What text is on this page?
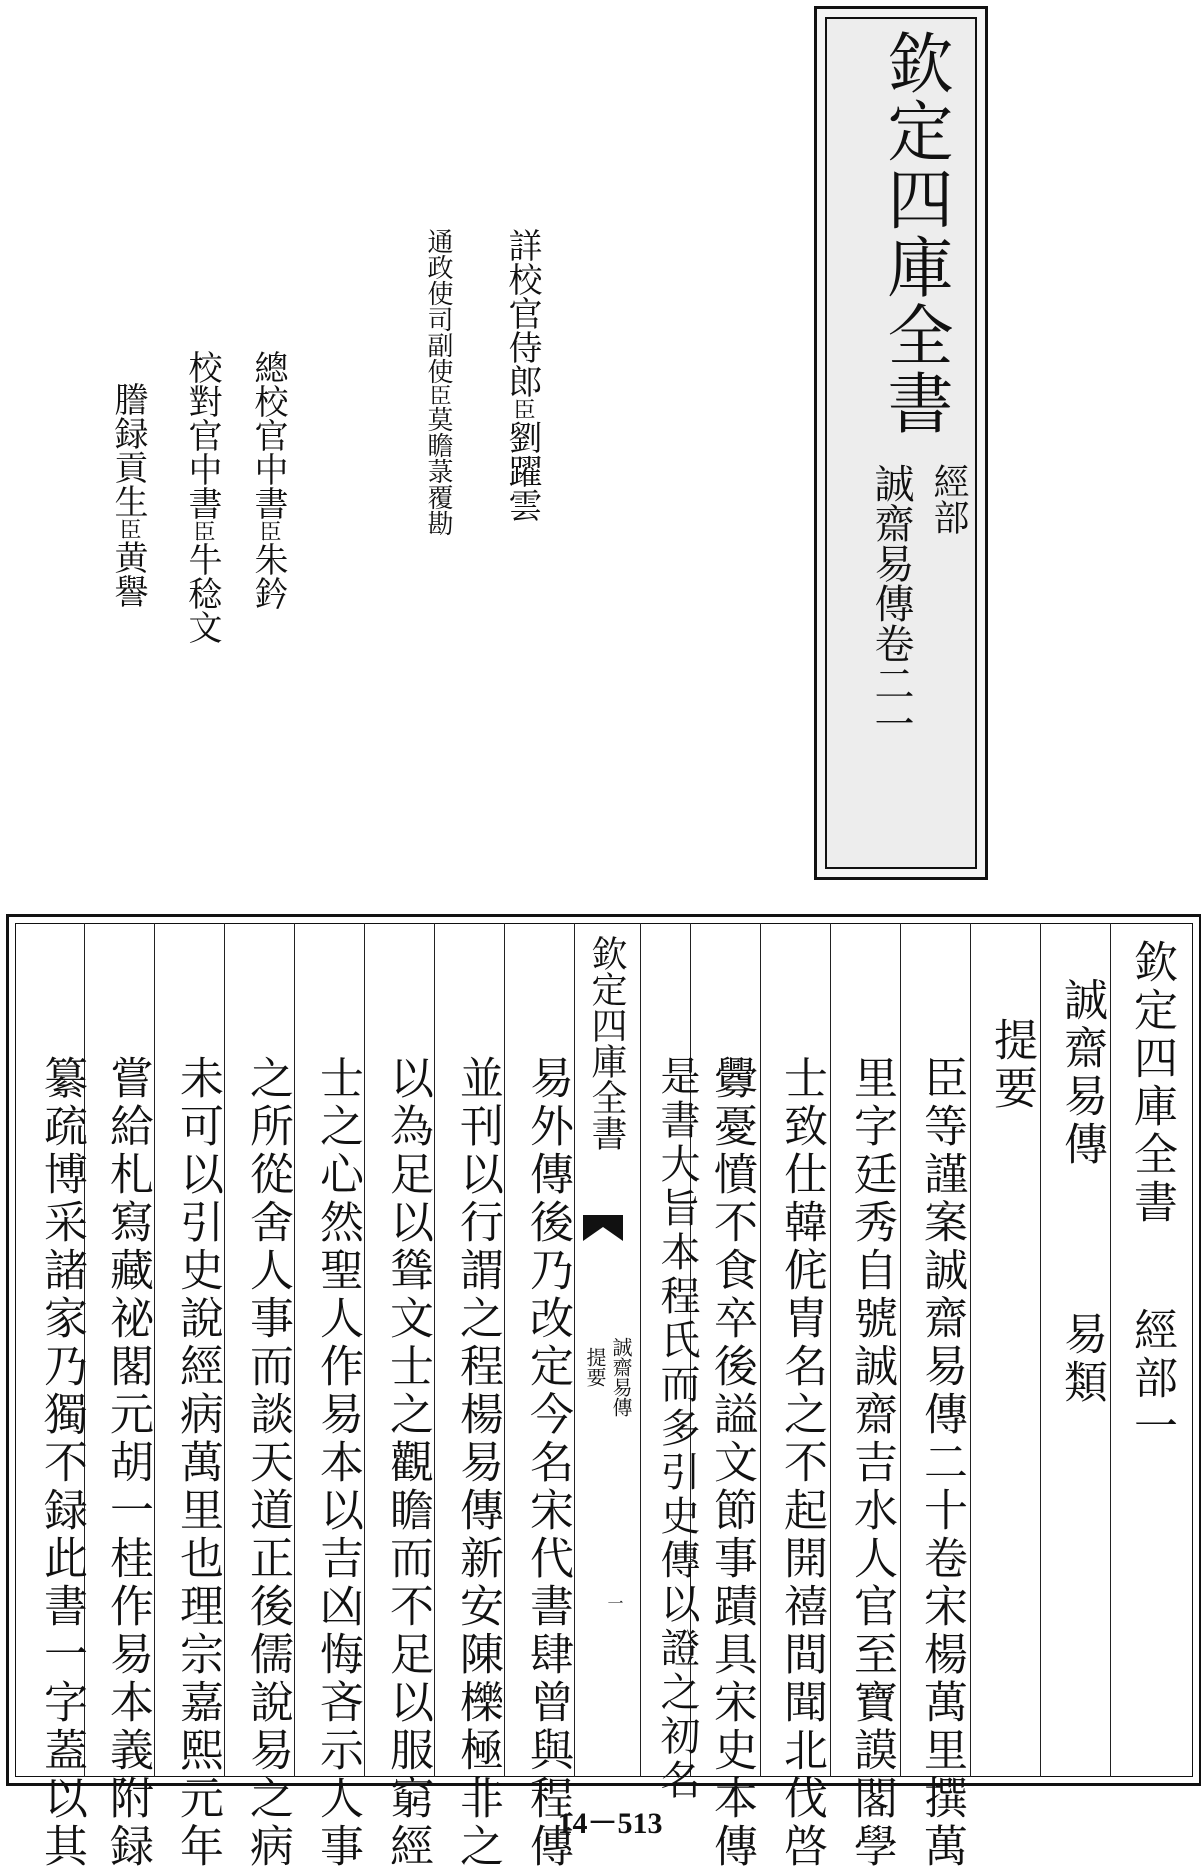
欽定四庫全書
經部
誠齋易傳卷二一
詳校官侍郎臣劉躍雲
通政使司副使臣莫瞻菉覆勘
總校官中書臣朱鈐
校對官中書臣牛稔文
謄録貢生臣黄譽
欽定四庫全書
經部一
誠齋易傳
易類
提要
臣等謹案誠齋易傳二十卷宋楊萬里撰萬
里字廷秀自號誠齋吉水人官至寶謨閣學
士致仕韓侂胄名之不起開禧間聞北伐啓
釁憂憤不食卒後謚文節事蹟具宋史本傳
是書大旨本程氏而多引史傳以證之初名
欽定四庫全書
誠齋易傳
提要
一
易外傳後乃改定今名宋代書肆曾與程傳
並刊以行謂之程楊易傳新安陳櫟極非之
以為足以聳文士之觀瞻而不足以服窮經
士之心然聖人作易本以吉凶悔吝示人事
之所從舍人事而談天道正後儒說易之病
未可以引史說經病萬里也理宗嘉熙元年
嘗給札寫藏祕閣元胡一桂作易本義附録
纂疏博采諸家乃獨不録此書一字蓋以其	14－513
